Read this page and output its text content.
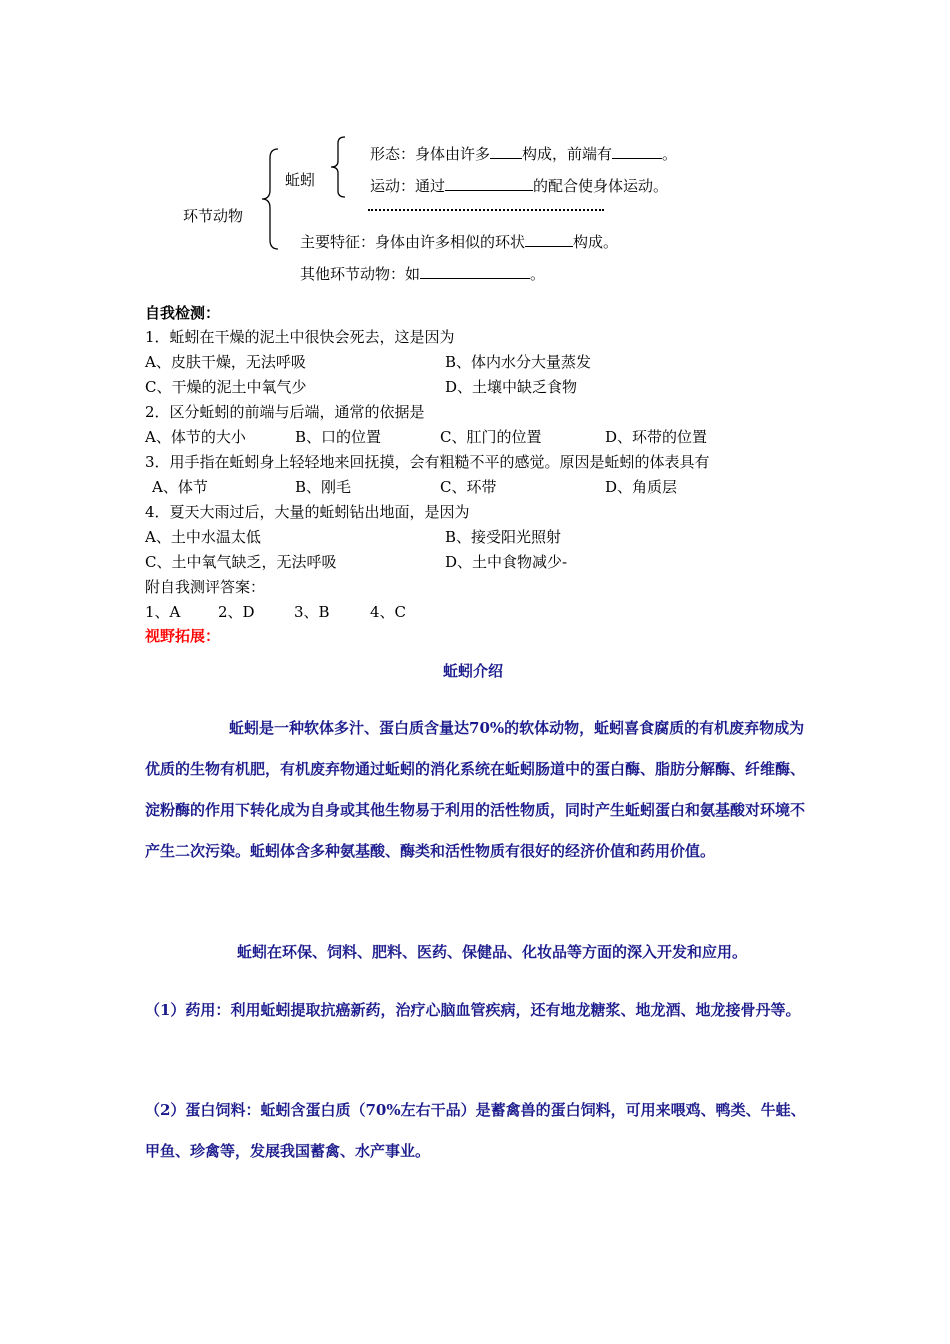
环节动物
蚯蚓
形态：身体由许多 构成，前端有	。
运动：通过	的配合使身体运动。
主要特征：身体由许多相似的环状	构成。
其他环节动物：如	。
自我检测：
1．蚯蚓在干燥的泥土中很快会死去，这是因为
A、皮肤干燥，无法呼吸	B、体内水分大量蒸发
C、干燥的泥土中氧气少	D、土壤中缺乏食物
2．区分蚯蚓的前端与后端，通常的依据是
A、体节的大小	B、口的位置	C、肛门的位置	D、环带的位置
3．用手指在蚯蚓身上轻轻地来回抚摸，会有粗糙不平的感觉。原因是蚯蚓的体表具有
A、体节	B、刚毛	C、环带	D、角质层
4．夏天大雨过后，大量的蚯蚓钻出地面，是因为
A、土中水温太低	B、接受阳光照射
C、土中氧气缺乏，无法呼吸	D、土中食物减少-
附自我测评答案：
1、A	2、D	3、B	4、C
视野拓展：
蚯蚓介绍
蚯蚓是一种软体多汁、蛋白质含量达70%的软体动物，蚯蚓喜食腐质的有机废弃物成为优质的生物有机肥，有机废弃物通过蚯蚓的消化系统在蚯蚓肠道中的蛋白酶、脂肪分解酶、纤维酶、淀粉酶的作用下转化成为自身或其他生物易于利用的活性物质，同时产生蚯蚓蛋白和氨基酸对环境不产生二次污染。蚯蚓体含多种氨基酸、酶类和活性物质有很好的经济价值和药用价值。
蚯蚓在环保、饲料、肥料、医药、保健品、化妆品等方面的深入开发和应用。
（1）药用：利用蚯蚓提取抗癌新药，治疗心脑血管疾病，还有地龙糖浆、地龙酒、地龙接骨丹等。
（2）蛋白饲料：蚯蚓含蛋白质（70%左右干品）是蓄禽兽的蛋白饲料，可用来喂鸡、鸭类、牛蛙、甲鱼、珍禽等，发展我国蓄禽、水产事业。
